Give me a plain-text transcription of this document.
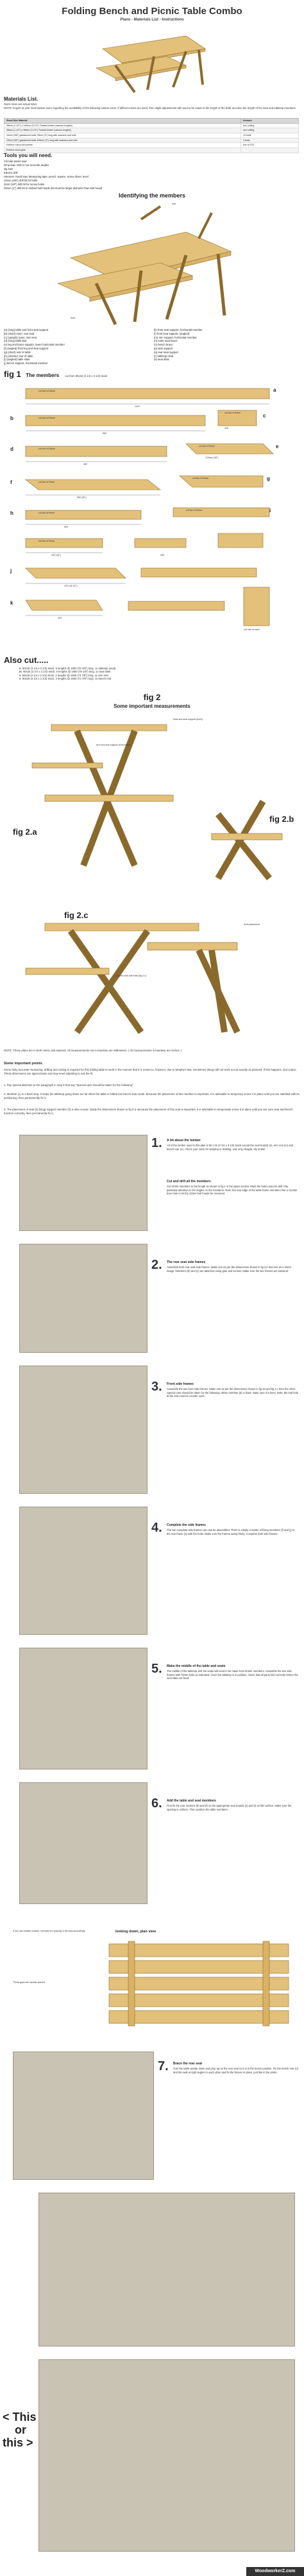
Folding Bench and Picnic Table Combo
Plans - Materials List - Instructions
Materials List.
Stock sizes are actual sizes
NOTE: Inquire at your local lumber store regarding the availability of the following lumber sizes. If different sizes are used, then slight adjustments will need to be made to the length of the bolts and also the length of the seat and tabletop members.
Stock Size Material	Amount
38mm (1 1/2") x 140mm (5 1/2") Treated timber (various lengths)	see cutting
38mm (1 1/2") x 89mm (3 1/2") Treated timber (various lengths)	see cutting
10mm (3/8") galvanized bolts 75mm (3") long with washers and nuts	12 bolts
10mm (3/8") galvanized bolts 100mm (4") long with washers and nuts	4 bolts
Exterior rust proof screws	box of 100
Exterior wood glue	
Tools you will need.
Circular power saw
Drop saw. Able to cut accurate angles
Jig saw
Electric drill
Hammer, Hand saw, Measuring tape, pencil, square, screw driver, level
10mm (3/8") drill bit for bolts
3mm (1/8") drill bit for screw holes
25mm (1") drill bit to embed bolt heads (bit must be larger diameter than bolt head)
Identifying the members
rear
front
(a) (long) table and front seat support
(b) (short) inner, rear seat
(c) (upright) outer, rear seat
(d) (long) table slat
(e) leg and brace support, lower horizontal member
(f) (angled) front leg and seat support
(g) (short) rear of table
(h) (shorter) rear of table
(i) (angled) table slats
(j) bench support, horizontal member
(k) front seat support, horizontal member
(l) front seat support, (angled)
(m) arm support, horizontal member
(n) outer seat brace
(o) bench brace
(p) side support
(q) rear seat support
(r) tabletop cleat
(s) seat slats
fig 1 The members cut from 90x32 (3 1/4 x 3 1/2) stock
cut four of these
cut four of these
cut two of these
cut four of these
cut two of these
cut two of these
cut two of these
cut two of these
cut two of these
cut two of these
cut one of each
a
b	c
d	e
f
g
h	i
j
k
1422
980
420
460
710mm (28")
660 (26")
500
400 (16")	250
470 (18 1/2")
440
Also cut.....
n 90x25 (3 1/4 x 3 1/2) stock. 5 lengths @ 1900 (76 1/8") long. 1x tabletop (seat)
m 90x25 (3 1/4 x 3 1/2) stock. 5 lengths @ 1900 (76 1/8") long. 1x seat slats
s 90x25 (3 1/4 x 3 1/2) stock. 2 lengths @ 1900 (74 7/8") long. 1x arm rest
o 90x25 (3 1/4 x 3 1/2) stock. 2 lengths @ 1900 (74 7/8") long. 1x bench rear
fig 2
Some important measurements
fig 2.a
fig 2.b
fig 2.c
Seat and seat support (front)
Arm and arm support (horizontal)
level placement
counter-sink bolt head (fig 2.c)
NOTE: These plans are in both metric and imperial. All measurements not in brackets are millimetres. ( All measurements in brackets are inches. )
Some important points
Some fairly accurate measuring, drilling and cutting is required for this folding table to work in the manner that it is meant to, however, due to Murphy's law, sometimes things will not work out as exactly as planned. If this happens, don't panic. These dimensions are approximate and may need adjusting to suit the fit.
1. Pay special attention to the paragraph in step 5 that say "Special care should be taken for the following"
2. Member (c) is a back stop. It stops the tabletop going down too far when the table is folded into bench seat mode. Because the placement of this member is important, it is advisable to temporary screw it in place until you are satisfied with its positioning, then permanently fix it.
3. The placement of seat (k) (long) support member (h) is also crucial. Study the dimensions shown in fig 2.a. Because the placement of this seat is important, it is advisable to temporarily screw it in place until you are sure seat and bench function correctly, then permanently fix it.
1. A bit about the lumber
All of the lumber used in this plan is 90 x 32 (3 1/4 x 3 1/2) stock except the seat boards (s), arm rest (m) and bench rear (o). Check your stock for warping or twisting. Use only straight, dry timber.
Cut and drill all the members
Cut all the members to the length as shown in fig 1 in the plans section. Mark the holes and pre-drill. Pay particular attention to the angles on the members. Note: the rear edge of the table frame members has a counter bore hole to let the 10mm bolt heads be recessed.
2. The rear seat side frames
Assemble both rear seat side frames. Make one as per the dimensions shown in fig 2.b and one as a mirror image. Members (b) and (c) are attached using glue and screws. Make sure the two frames are identical.
3. Front side frames
Assemble the two front side frames. Make one as per the dimensions shown in fig 2a and fig 2.c then the other. Special care should be taken for the following: When member (k) is fixed, make sure it is level. Note: the bolt hole at the end must be counter sunk.
4. Complete the side frames
The two complete side frames can now be assembled. There is simply a matter of fixing members (f) and (j) to the rear frame (a) with the bolts. Make sure the frames swing freely. Complete both side frames.
5. Make the middle of the table and seats
The middle of the tabletop and the seats will need to be made from timber members. Assemble the two side frames with 75mm bolts as indicated. Once the tabletop is in position, check that all parts fold correctly before the seat slats are fixed.
6. Add the table and seat members
First fix the rear sections (b) and (h) to the appropriate seat boards (s) and (i) on flat surface. Make sure the spacing is uniform. Then position the table members.
looking down, plan view
If you use broader boards, increase the spacing in the seat accordingly
These gaps are equally spaced
7. Brace the rear seat
Turn the table upside down and prop up on the rear seat so it is in the bench position. Fix the bench rear (o) and the seat at right angles to each other and fix the braces in place, just like in the photo.
< This
or
this >
WoodworkerZ.com
